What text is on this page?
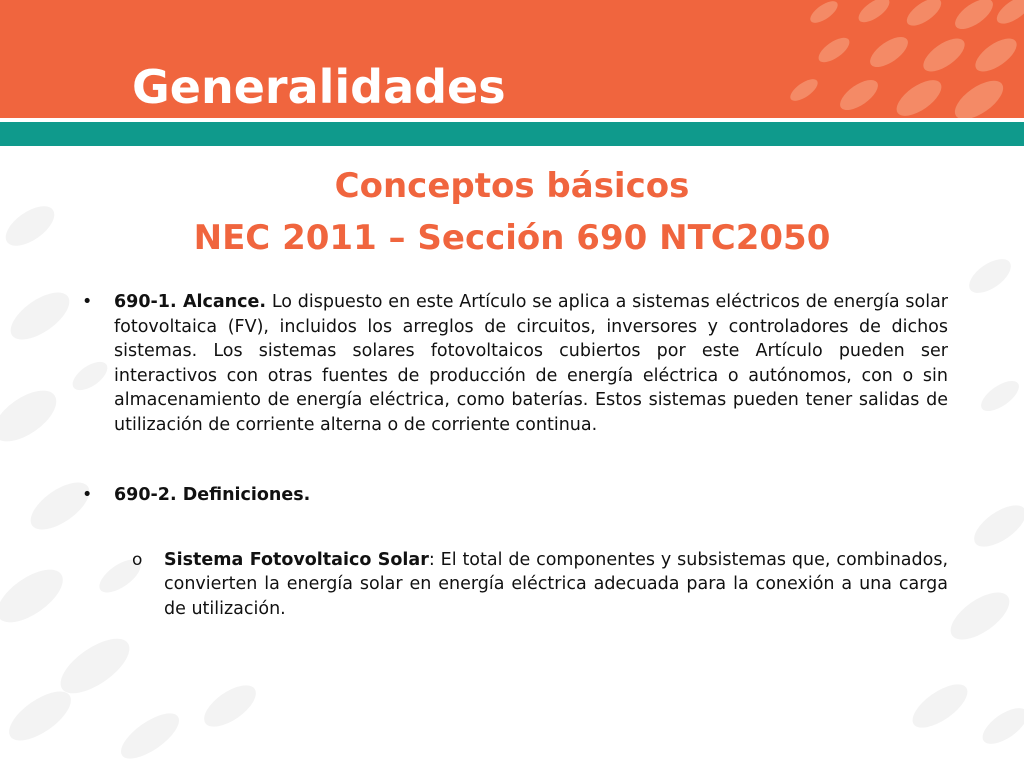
Generalidades
Conceptos básicos
NEC 2011 – Sección 690 NTC2050
•
690-1. Alcance. Lo dispuesto en este Artículo se aplica a sistemas eléctricos de energía solar fotovoltaica (FV), incluidos los arreglos de circuitos, inversores y controladores de dichos sistemas. Los sistemas solares fotovoltaicos cubiertos por este Artículo pueden ser interactivos con otras fuentes de producción de energía eléctrica o autónomos, con o sin almacenamiento de energía eléctrica, como baterías. Estos sistemas pueden tener salidas de utilización de corriente alterna o de corriente continua.
•
690-2. Definiciones.
o
Sistema Fotovoltaico Solar: El total de componentes y subsistemas que, combinados, convierten la energía solar en energía eléctrica adecuada para la conexión a una carga de utilización.
